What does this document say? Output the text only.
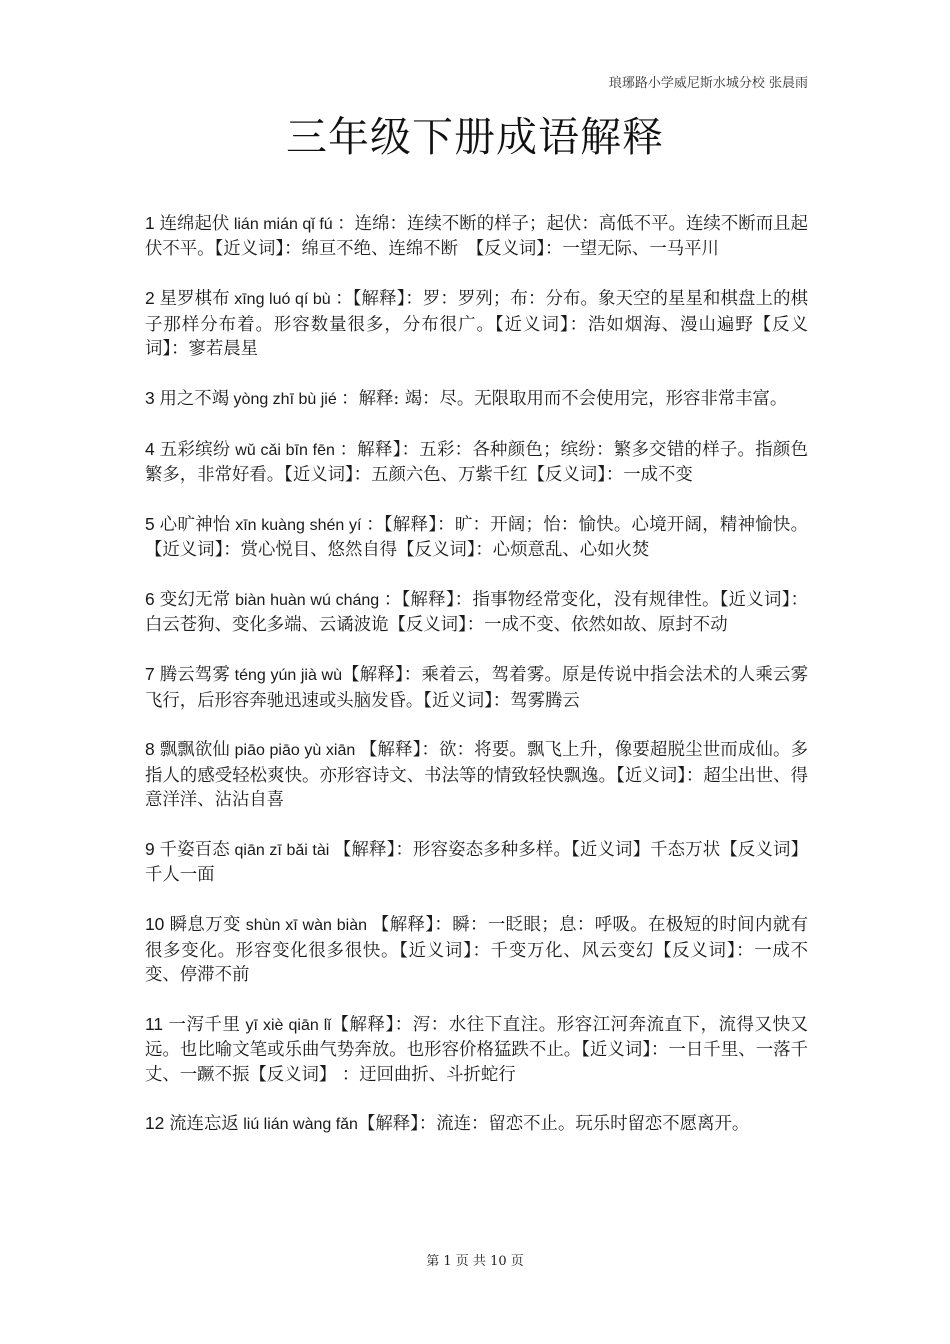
琅琊路小学威尼斯水城分校 张晨雨
三年级下册成语解释

1 连绵起伏 lián mián qǐ fú ：连绵：连续不断的样子；起伏：高低不平。连续不断而且起伏不平。【近义词】：绵亘不绝、连绵不断　【反义词】：一望无际、一马平川

2 星罗棋布 xīng luó qí bù ：【解释】：罗：罗列；布：分布。象天空的星星和棋盘上的棋子那样分布着。形容数量很多，分布很广。【近义词】：浩如烟海、漫山遍野【反义词】：寥若晨星

3 用之不竭 yòng zhī bù jié ：解释: 竭：尽。无限取用而不会使用完，形容非常丰富。

4 五彩缤纷 wǔ cǎi bīn fēn ：解释】：五彩：各种颜色；缤纷：繁多交错的样子。指颜色繁多，非常好看。【近义词】：五颜六色、万紫千红【反义词】：一成不变

5 心旷神怡 xīn kuàng shén yí ：【解释】：旷：开阔；怡：愉快。心境开阔，精神愉快。【近义词】：赏心悦目、悠然自得【反义词】：心烦意乱、心如火焚

6 变幻无常 biàn huàn wú cháng ：【解释】：指事物经常变化，没有规律性。【近义词】：白云苍狗、变化多端、云谲波诡【反义词】：一成不变、依然如故、原封不动

7 腾云驾雾 téng yún jià wù【解释】：乘着云，驾着雾。原是传说中指会法术的人乘云雾飞行，后形容奔驰迅速或头脑发昏。【近义词】：驾雾腾云

8 飘飘欲仙 piāo piāo yù xiān 【解释】：欲：将要。飘飞上升，像要超脱尘世而成仙。多指人的感受轻松爽快。亦形容诗文、书法等的情致轻快飘逸。【近义词】：超尘出世、得意洋洋、沾沾自喜

9 千姿百态 qiān zī bǎi tài 【解释】：形容姿态多种多样。【近义词】千态万状【反义词】千人一面

10 瞬息万变 shùn xī wàn biàn 【解释】：瞬：一眨眼；息：呼吸。在极短的时间内就有很多变化。形容变化很多很快。【近义词】：千变万化、风云变幻【反义词】：一成不变、停滞不前

11 一泻千里 yī xiè qiān lǐ【解释】：泻：水往下直注。形容江河奔流直下，流得又快又远。也比喻文笔或乐曲气势奔放。也形容价格猛跌不止。【近义词】：一日千里、一落千丈、一蹶不振【反义词】 ：迂回曲折、斗折蛇行

12 流连忘返 liú lián wàng fǎn【解释】：流连：留恋不止。玩乐时留恋不愿离开。

第 1 页 共 10 页
